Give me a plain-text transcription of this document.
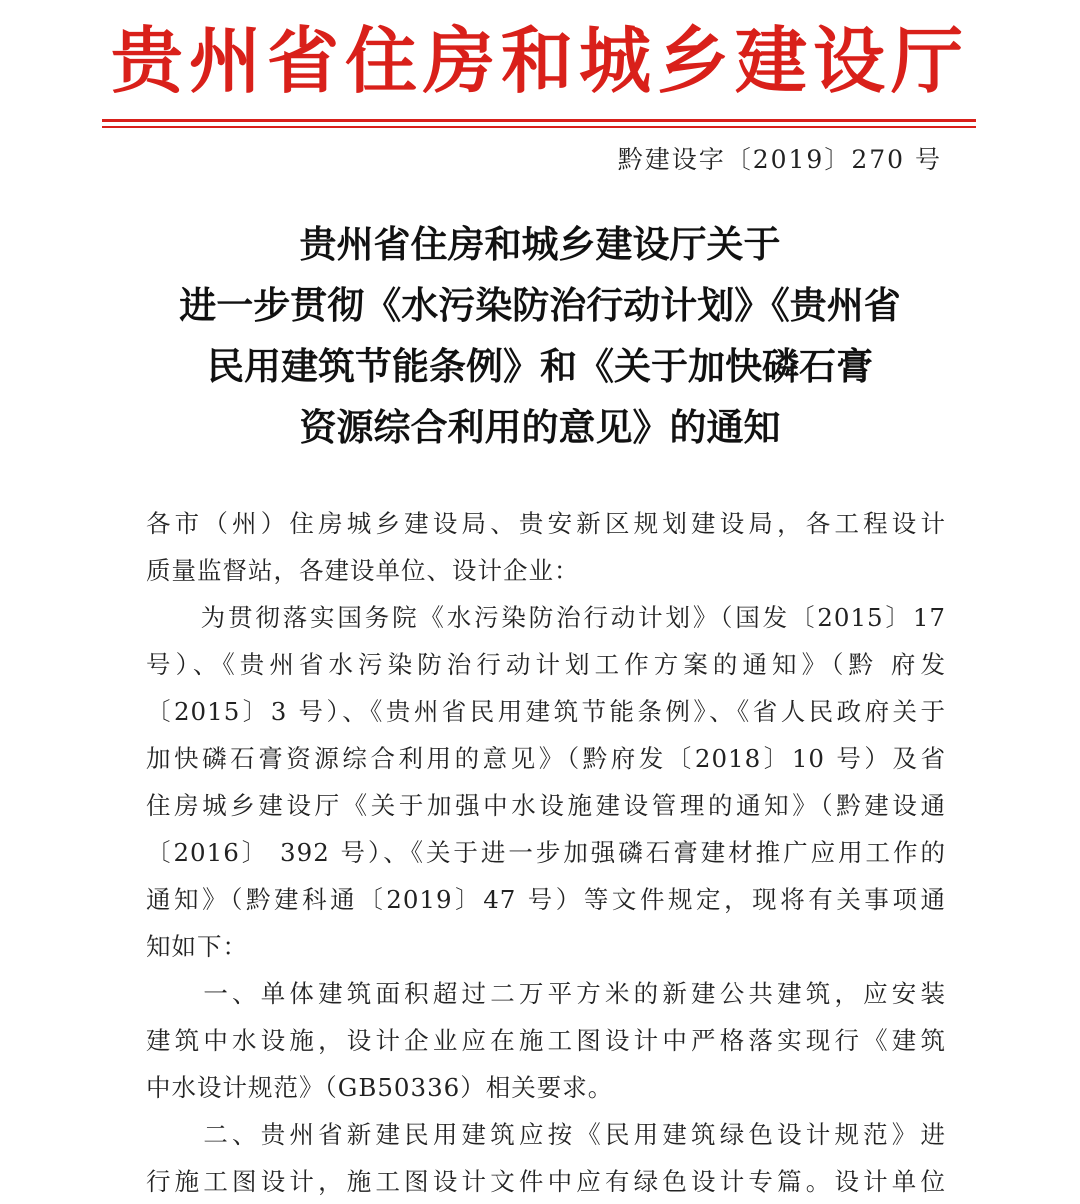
贵州省住房和城乡建设厅
黔建设字〔2019〕270 号
贵州省住房和城乡建设厅关于
进一步贯彻《水污染防治行动计划》《贵州省
民用建筑节能条例》和《关于加快磷石膏
资源综合利用的意见》的通知
各市（州）住房城乡建设局、贵安新区规划建设局，各工程设计
质量监督站，各建设单位、设计企业：
　　为贯彻落实国务院《水污染防治行动计划》（国发〔2015〕17
号）、《贵州省水污染防治行动计划工作方案的通知》（黔 府发
〔2015〕3 号）、《贵州省民用建筑节能条例》、《省人民政府关于
加快磷石膏资源综合利用的意见》（黔府发〔2018〕10 号）及省
住房城乡建设厅《关于加强中水设施建设管理的通知》（黔建设通
〔2016〕 392 号）、《关于进一步加强磷石膏建材推广应用工作的
通知》（黔建科通〔2019〕47 号）等文件规定，现将有关事项通
知如下：
　　一、单体建筑面积超过二万平方米的新建公共建筑，应安装
建筑中水设施，设计企业应在施工图设计中严格落实现行《建筑
中水设计规范》（GB50336）相关要求。
　　二、贵州省新建民用建筑应按《民用建筑绿色设计规范》进
行施工图设计，施工图设计文件中应有绿色设计专篇。设计单位
